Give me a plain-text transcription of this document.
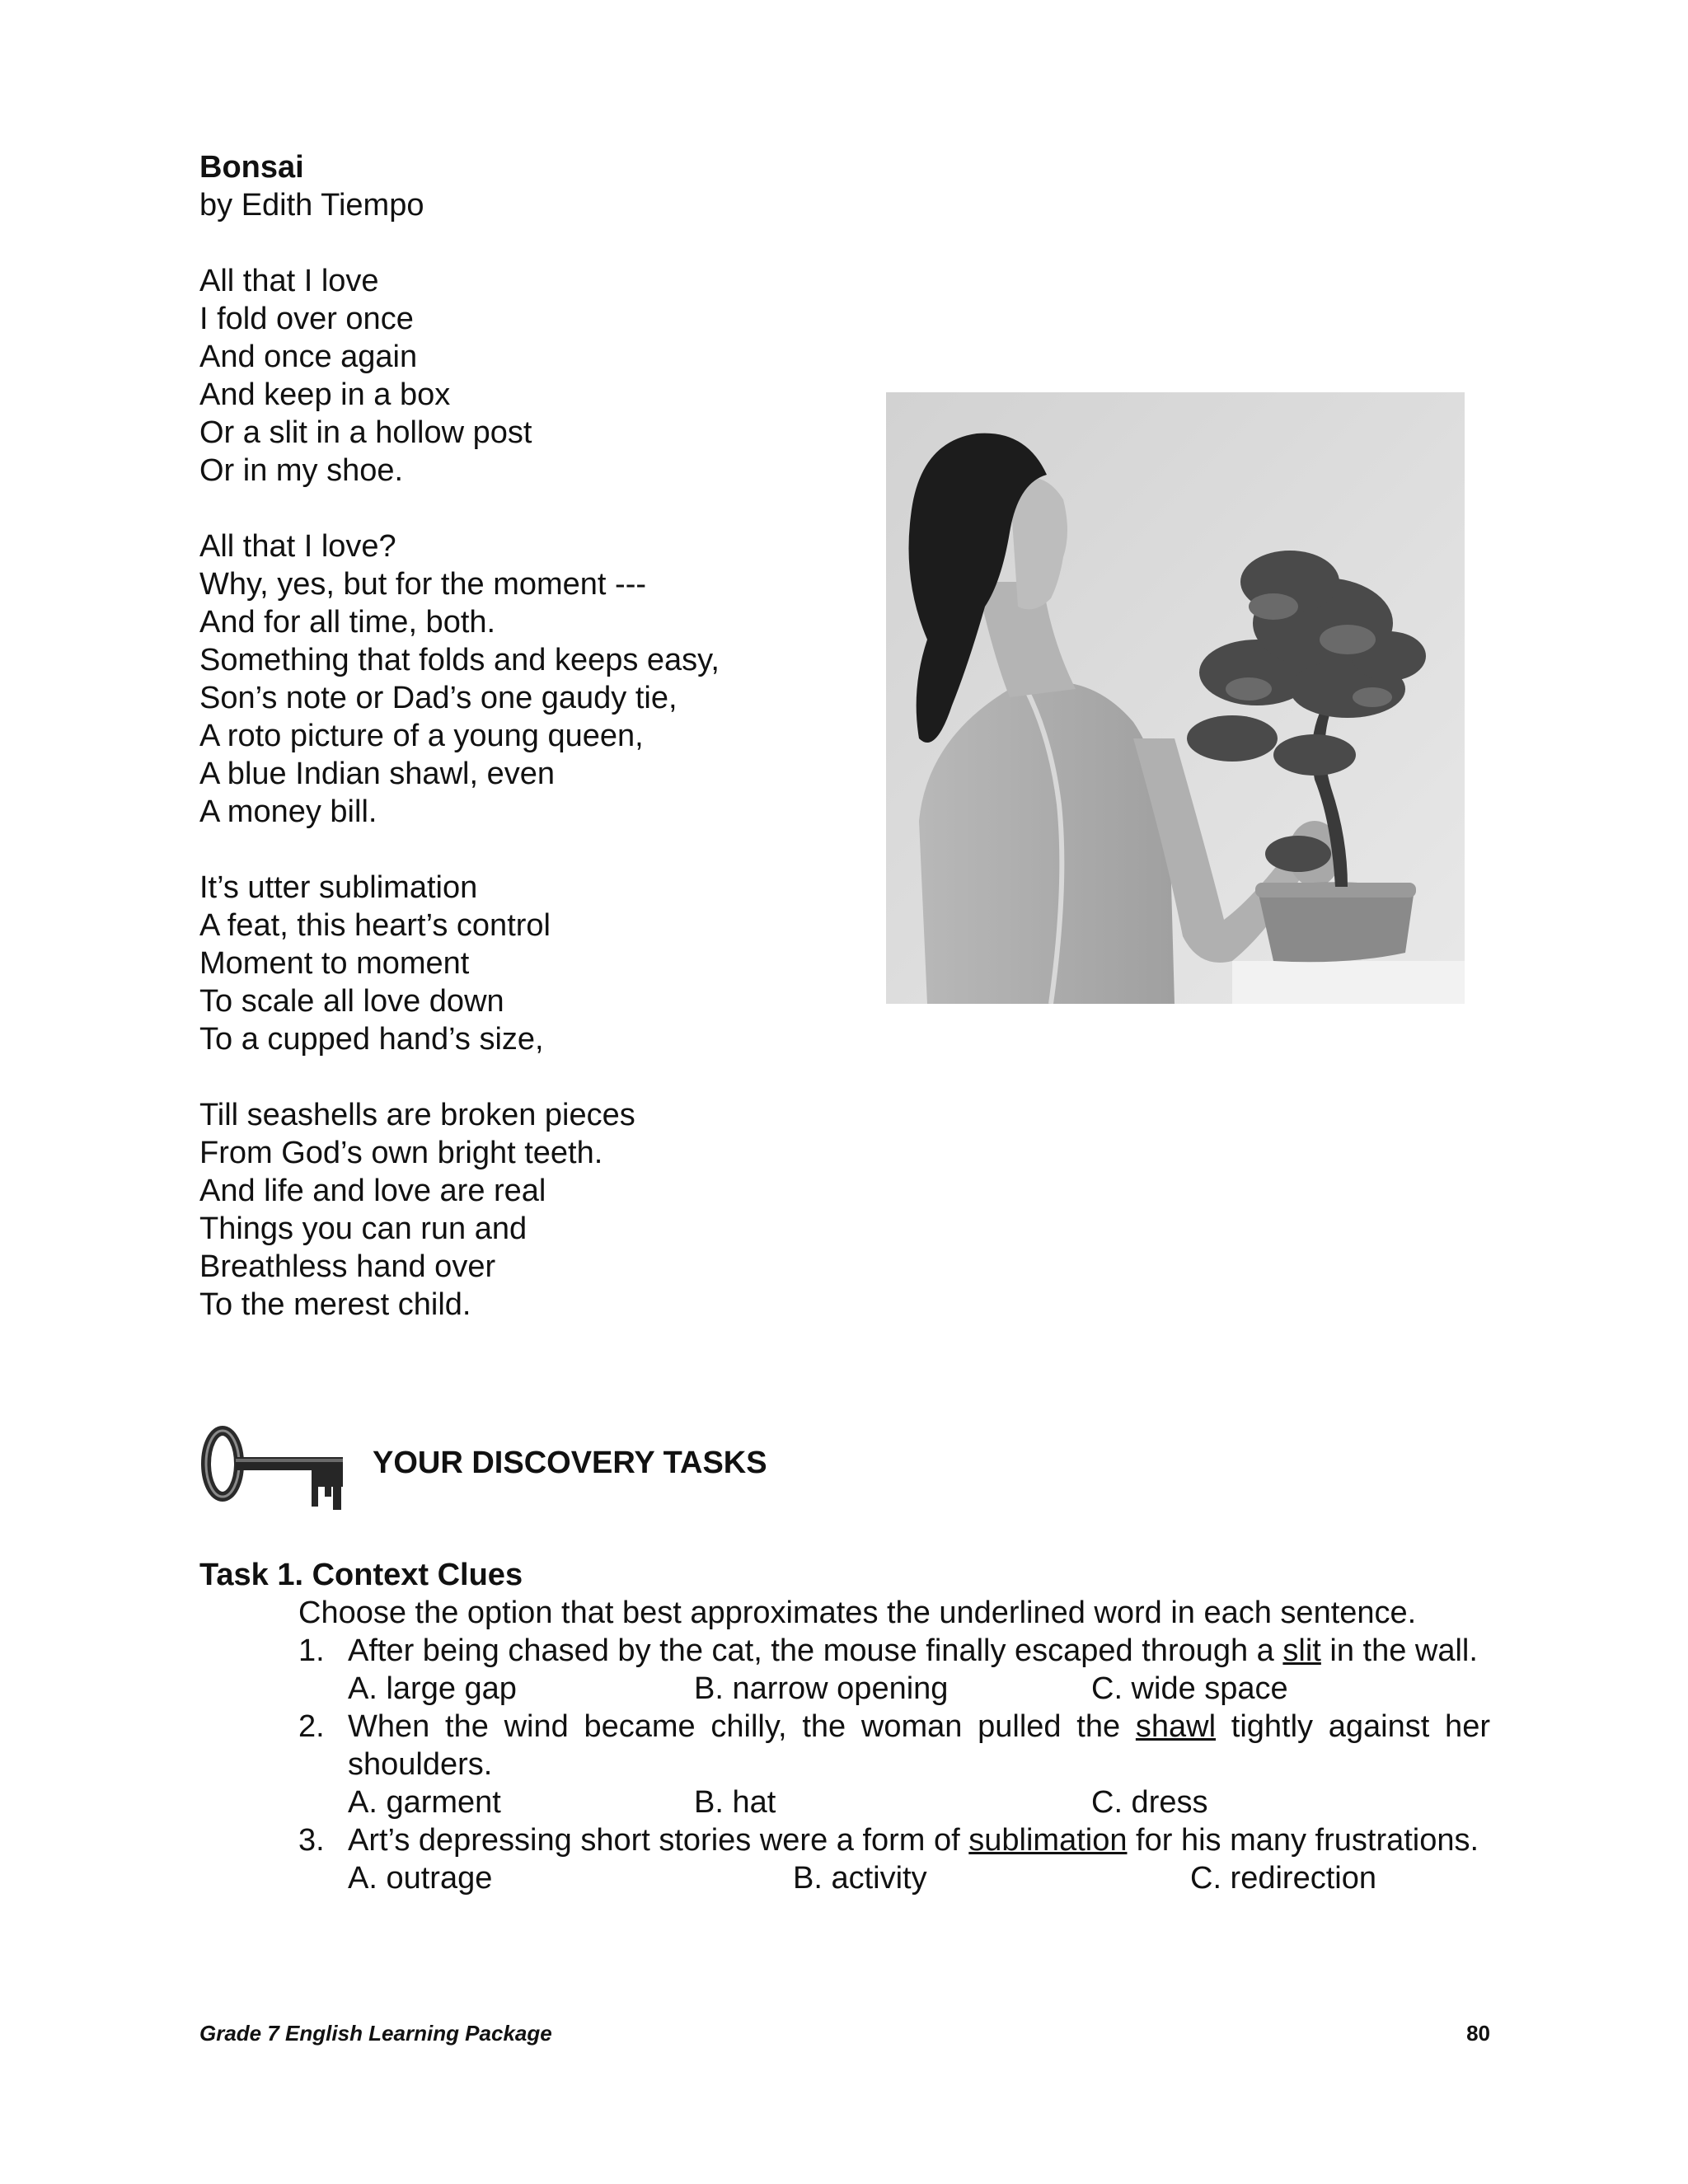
Bonsai

by Edith Tiempo

All that I love
I fold over once
And once again
And keep in a box
Or a slit in a hollow post
Or in my shoe.
All that I love?
Why, yes, but for the moment ---
And for all time, both.
Something that folds and keeps easy,
Son’s note or Dad’s one gaudy tie,
A roto picture of a young queen,
A blue Indian shawl, even
A money bill.
It’s utter sublimation
A feat, this heart’s control
Moment to moment
To scale all love down
To a cupped hand’s size,
Till seashells are broken pieces
From God’s own bright teeth.
And life and love are real
Things you can run and
Breathless hand over
To the merest child.
YOUR DISCOVERY TASKS

Task 1. Context Clues

Choose the option that best approximates the underlined word in each sentence.

1. After being chased by the cat, the mouse finally escaped through a slit in the wall.
A. large gap	B. narrow opening	C. wide space
2. When the wind became chilly, the woman pulled the shawl tightly against her shoulders.
A. garment	B. hat	C. dress
3. Art’s depressing short stories were a form of sublimation for his many frustrations.
A. outrage	B. activity	C. redirection
Grade 7 English Learning Package	80
